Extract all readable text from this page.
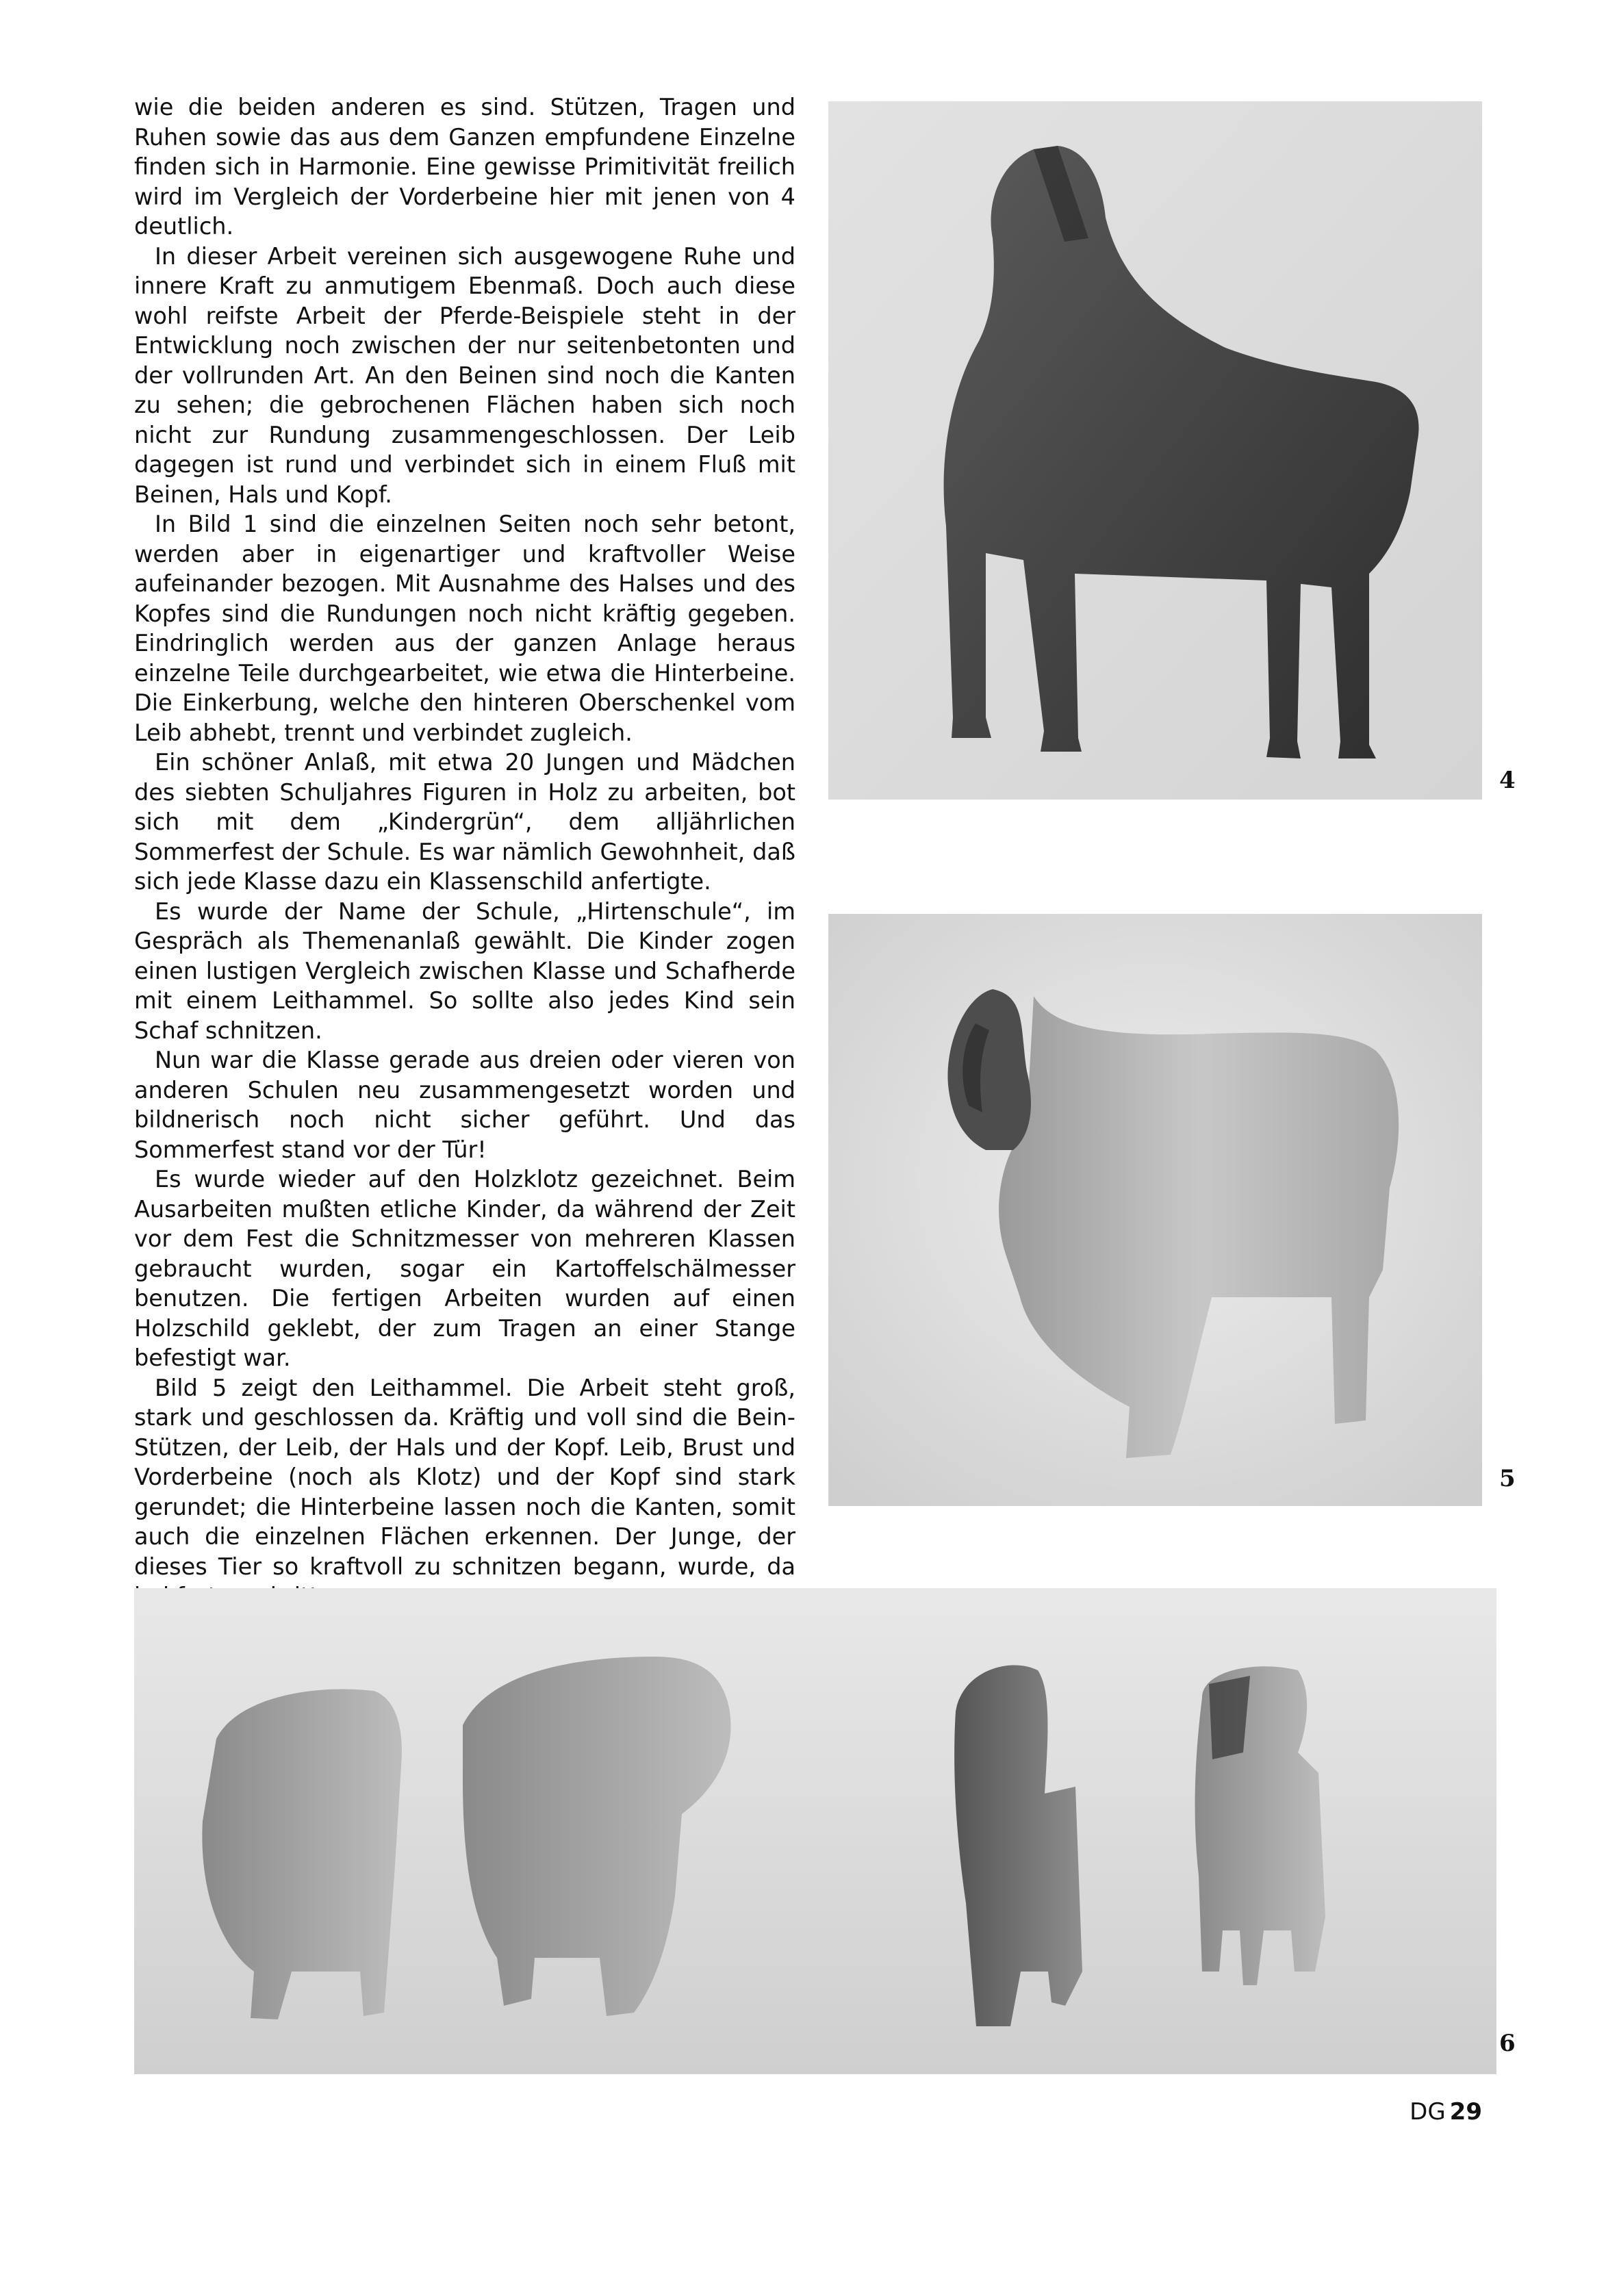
wie die beiden anderen es sind. Stützen, Tragen und Ruhen sowie das aus dem Ganzen empfundene Einzelne finden sich in Harmonie. Eine gewisse Primitivität freilich wird im Vergleich der Vorderbeine hier mit jenen von 4 deutlich.

In dieser Arbeit vereinen sich ausgewogene Ruhe und innere Kraft zu anmutigem Ebenmaß. Doch auch diese wohl reifste Arbeit der Pferde-Beispiele steht in der Entwicklung noch zwischen der nur seitenbetonten und der vollrunden Art. An den Beinen sind noch die Kanten zu sehen; die gebrochenen Flächen haben sich noch nicht zur Rundung zusammengeschlossen. Der Leib dagegen ist rund und verbindet sich in einem Fluß mit Beinen, Hals und Kopf.

In Bild 1 sind die einzelnen Seiten noch sehr betont, werden aber in eigenartiger und kraftvoller Weise aufeinander bezogen. Mit Ausnahme des Halses und des Kopfes sind die Rundungen noch nicht kräftig gegeben. Eindringlich werden aus der ganzen Anlage heraus einzelne Teile durchgearbeitet, wie etwa die Hinterbeine. Die Einkerbung, welche den hinteren Oberschenkel vom Leib abhebt, trennt und verbindet zugleich.

Ein schöner Anlaß, mit etwa 20 Jungen und Mädchen des siebten Schuljahres Figuren in Holz zu arbeiten, bot sich mit dem „Kindergrün“, dem alljährlichen Sommerfest der Schule. Es war nämlich Gewohnheit, daß sich jede Klasse dazu ein Klassenschild anfertigte.

Es wurde der Name der Schule, „Hirtenschule“, im Gespräch als Themenanlaß gewählt. Die Kinder zogen einen lustigen Vergleich zwischen Klasse und Schafherde mit einem Leithammel. So sollte also jedes Kind sein Schaf schnitzen.

Nun war die Klasse gerade aus dreien oder vieren von anderen Schulen neu zusammengesetzt worden und bildnerisch noch nicht sicher geführt. Und das Sommerfest stand vor der Tür!

Es wurde wieder auf den Holzklotz gezeichnet. Beim Ausarbeiten mußten etliche Kinder, da während der Zeit vor dem Fest die Schnitzmesser von mehreren Klassen gebraucht wurden, sogar ein Kartoffelschälmesser benutzen. Die fertigen Arbeiten wurden auf einen Holzschild geklebt, der zum Tragen an einer Stange befestigt war.

Bild 5 zeigt den Leithammel. Die Arbeit steht groß, stark und geschlossen da. Kräftig und voll sind die Bein-Stützen, der Leib, der Hals und der Kopf. Leib, Brust und Vorderbeine (noch als Klotz) und der Kopf sind stark gerundet; die Hinterbeine lassen noch die Kanten, somit auch die einzelnen Flächen erkennen. Der Junge, der dieses Tier so kraftvoll zu schnitzen begann, wurde, da

4
5
6
DG 29
